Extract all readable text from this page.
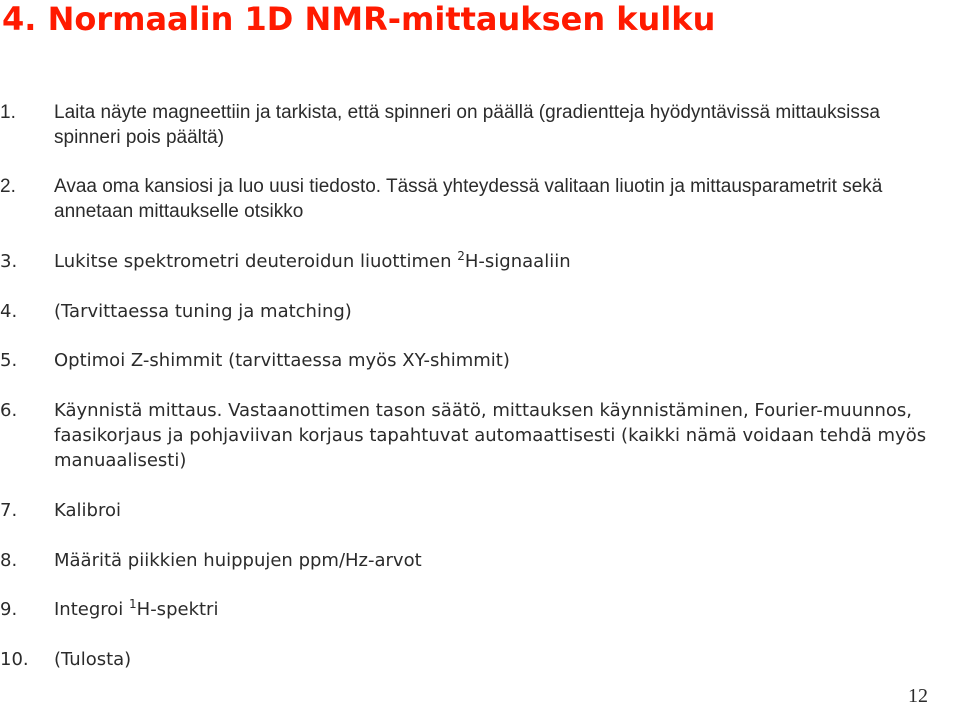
4. Normaalin 1D NMR-mittauksen kulku
1.	Laita näyte magneettiin ja tarkista, että spinneri on päällä (gradientteja hyödyntävissä mittauksissa spinneri pois päältä)

2.	Avaa oma kansiosi ja luo uusi tiedosto. Tässä yhteydessä valitaan liuotin ja mittausparametrit sekä annetaan mittaukselle otsikko

3.	Lukitse spektrometri deuteroidun liuottimen $^2$H-signaaliin

4.	(Tarvittaessa tuning ja matching)

5.	Optimoi Z-shimmit (tarvittaessa myös XY-shimmit)

6.	Käynnistä mittaus. Vastaanottimen tason säätö, mittauksen käynnistäminen, Fourier-muunnos, faasikorjaus ja pohjaviivan korjaus tapahtuvat automaattisesti (kaikki nämä voidaan tehdä myös manuaalisesti)

7.	Kalibroi

8.	Määritä piikkien huippujen ppm/Hz-arvot

9.	Integroi $^1$H-spektri

10.	(Tulosta)

12
